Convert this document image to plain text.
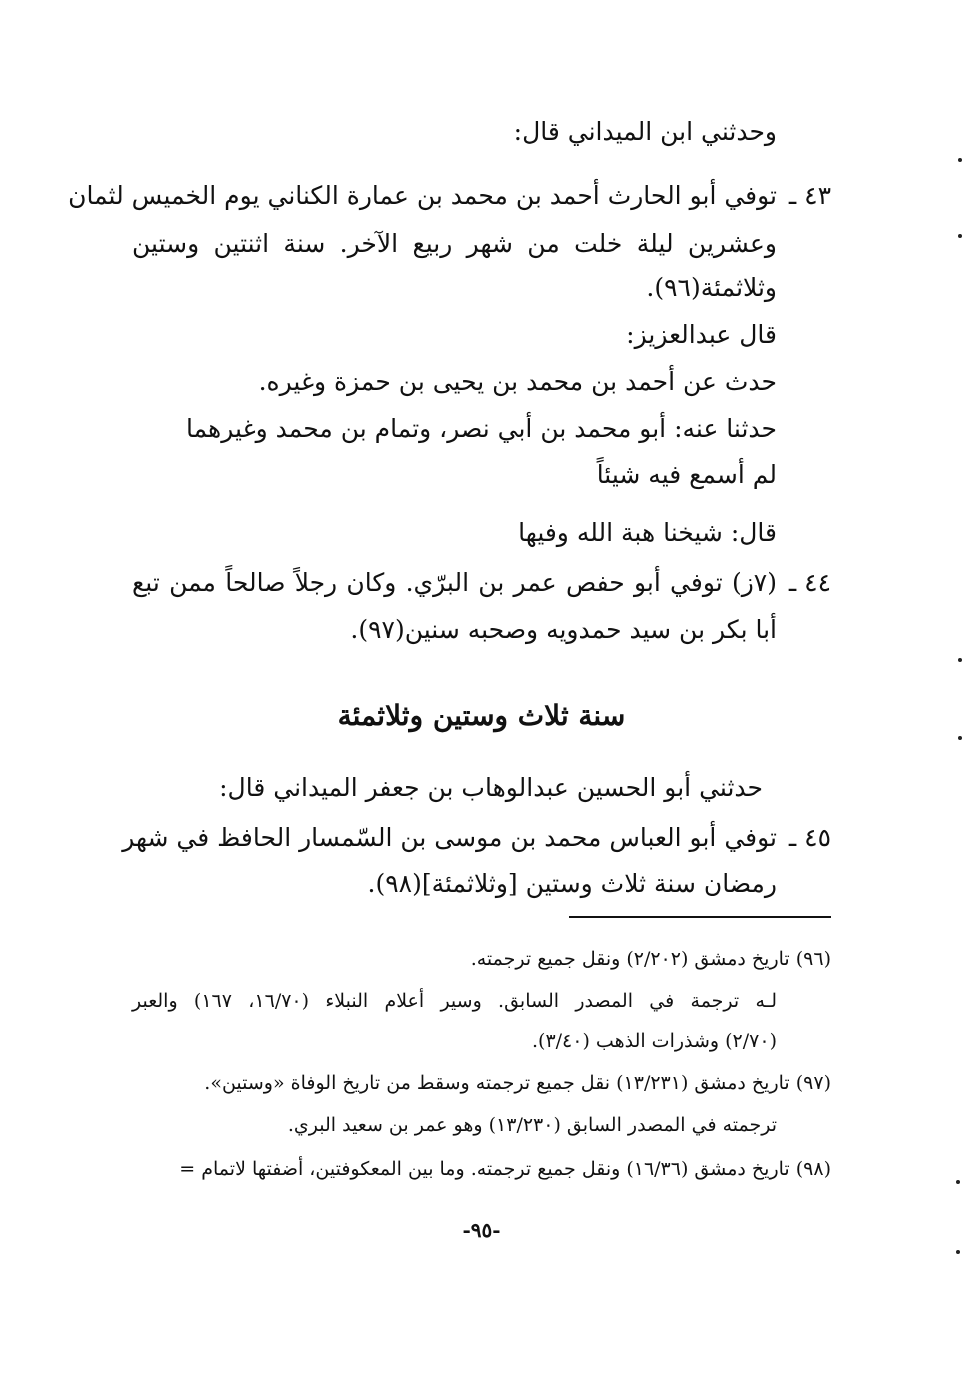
وحدثني ابن الميداني قال:
٤٣ ـ
توفي أبو الحارث أحمد بن محمد بن عمارة الكناني يوم الخميس لثمان
وعشرين ليلة خلت من شهر ربيع الآخر. سنة اثنتين وستين
وثلاثمئة(٩٦).
قال عبدالعزيز:
حدث عن أحمد بن محمد بن يحيى بن حمزة وغيره.
حدثنا عنه: أبو محمد بن أبي نصر، وتمام بن محمد وغيرهما
لم أسمع فيه شيئاً
قال: شيخنا هبة الله وفيها
٤٤ ـ
(٧ز) توفي أبو حفص عمر بن البرّي. وكان رجلاً صالحاً ممن تبع
أبا بكر بن سيد حمدويه وصحبه سنين(٩٧).
سنة ثلاث وستين وثلاثمئة
حدثني أبو الحسين عبدالوهاب بن جعفر الميداني قال:
٤٥ ـ
توفي أبو العباس محمد بن موسى بن السّمسار الحافظ في شهر
رمضان سنة ثلاث وستين [وثلاثمئة](٩٨).
(٩٦) تاريخ دمشق (٢/٢٠٢) ونقل جميع ترجمته.
لـه ترجمة في المصدر السابق. وسير أعلام النبلاء (١٦/٧٠، ١٦٧) والعبر
(٢/٧٠) وشذرات الذهب (٣/٤٠).
(٩٧) تاريخ دمشق (١٣/٢٣١) نقل جميع ترجمته وسقط من تاريخ الوفاة «وستين».
ترجمته في المصدر السابق (١٣/٢٣٠) وهو عمر بن سعيد البري.
(٩٨) تاريخ دمشق (١٦/٣٦) ونقل جميع ترجمته. وما بين المعكوفتين، أضفتها لاتمام =
-٩٥-
